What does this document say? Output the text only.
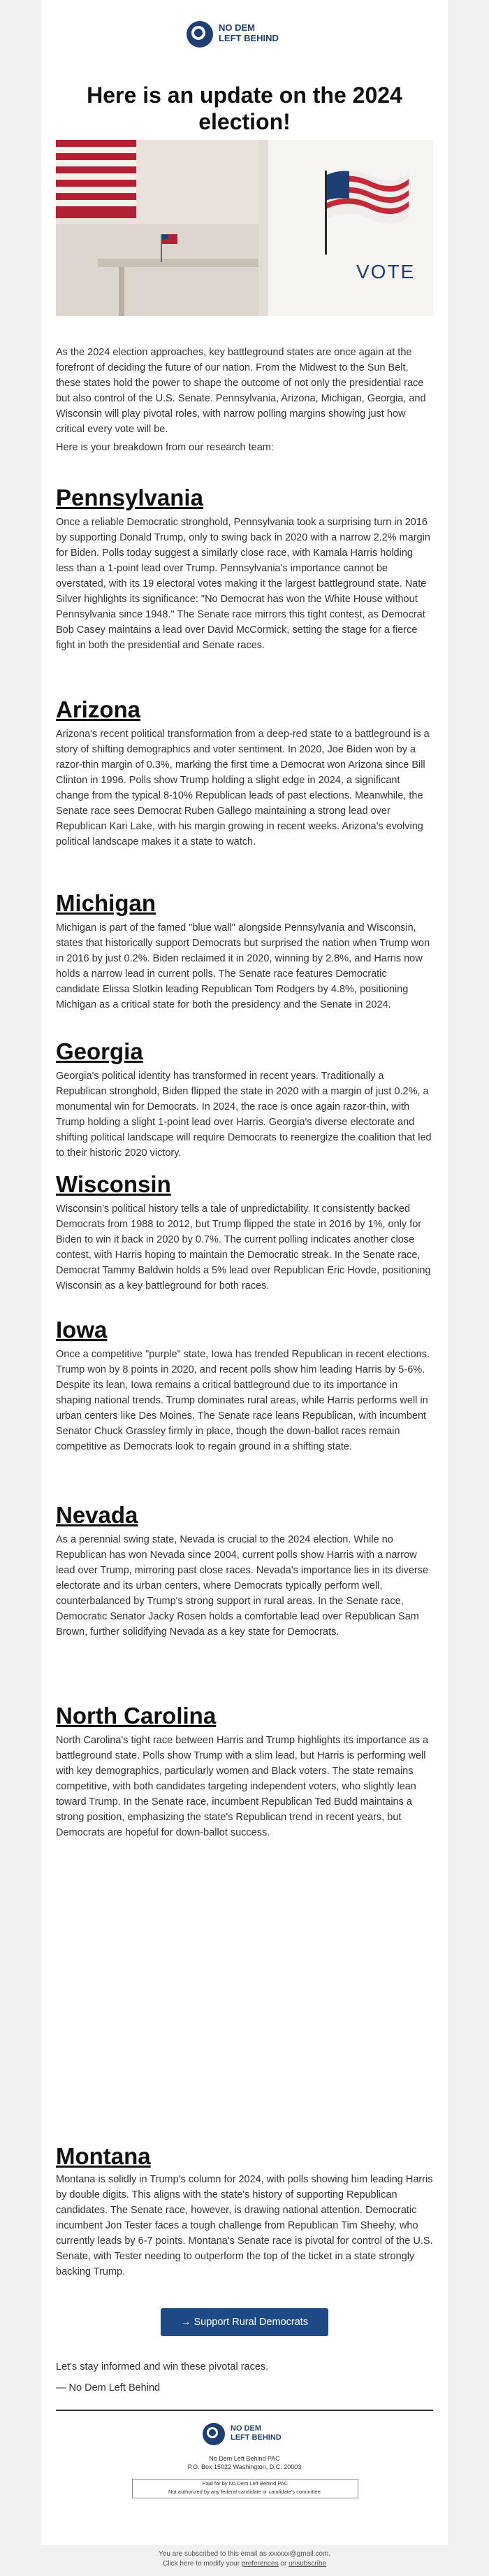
NO DEM
LEFT BEHIND
Here is an update on the 2024 election!
VOTE

As the 2024 election approaches, key battleground states are once again at the forefront of deciding the future of our nation. From the Midwest to the Sun Belt, these states hold the power to shape the outcome of not only the presidential race but also control of the U.S. Senate. Pennsylvania, Arizona, Michigan, Georgia, and Wisconsin will play pivotal roles, with narrow polling margins showing just how critical every vote will be.

Here is your breakdown from our research team:

Pennsylvania

Once a reliable Democratic stronghold, Pennsylvania took a surprising turn in 2016 by supporting Donald Trump, only to swing back in 2020 with a narrow 2.2% margin for Biden. Polls today suggest a similarly close race, with Kamala Harris holding less than a 1-point lead over Trump. Pennsylvania's importance cannot be overstated, with its 19 electoral votes making it the largest battleground state. Nate Silver highlights its significance: "No Democrat has won the White House without Pennsylvania since 1948." The Senate race mirrors this tight contest, as Democrat Bob Casey maintains a lead over David McCormick, setting the stage for a fierce fight in both the presidential and Senate races.

Arizona

Arizona's recent political transformation from a deep-red state to a battleground is a story of shifting demographics and voter sentiment. In 2020, Joe Biden won by a razor-thin margin of 0.3%, marking the first time a Democrat won Arizona since Bill Clinton in 1996. Polls show Trump holding a slight edge in 2024, a significant change from the typical 8-10% Republican leads of past elections. Meanwhile, the Senate race sees Democrat Ruben Gallego maintaining a strong lead over Republican Kari Lake, with his margin growing in recent weeks. Arizona's evolving political landscape makes it a state to watch.

Michigan

Michigan is part of the famed "blue wall" alongside Pennsylvania and Wisconsin, states that historically support Democrats but surprised the nation when Trump won in 2016 by just 0.2%. Biden reclaimed it in 2020, winning by 2.8%, and Harris now holds a narrow lead in current polls. The Senate race features Democratic candidate Elissa Slotkin leading Republican Tom Rodgers by 4.8%, positioning Michigan as a critical state for both the presidency and the Senate in 2024.

Georgia

Georgia's political identity has transformed in recent years. Traditionally a Republican stronghold, Biden flipped the state in 2020 with a margin of just 0.2%, a monumental win for Democrats. In 2024, the race is once again razor-thin, with Trump holding a slight 1-point lead over Harris. Georgia's diverse electorate and shifting political landscape will require Democrats to reenergize the coalition that led to their historic 2020 victory.

Wisconsin

Wisconsin's political history tells a tale of unpredictability. It consistently backed Democrats from 1988 to 2012, but Trump flipped the state in 2016 by 1%, only for Biden to win it back in 2020 by 0.7%. The current polling indicates another close contest, with Harris hoping to maintain the Democratic streak. In the Senate race, Democrat Tammy Baldwin holds a 5% lead over Republican Eric Hovde, positioning Wisconsin as a key battleground for both races.

Iowa

Once a competitive "purple" state, Iowa has trended Republican in recent elections. Trump won by 8 points in 2020, and recent polls show him leading Harris by 5-6%. Despite its lean, Iowa remains a critical battleground due to its importance in shaping national trends. Trump dominates rural areas, while Harris performs well in urban centers like Des Moines. The Senate race leans Republican, with incumbent Senator Chuck Grassley firmly in place, though the down-ballot races remain competitive as Democrats look to regain ground in a shifting state.

Nevada

As a perennial swing state, Nevada is crucial to the 2024 election. While no Republican has won Nevada since 2004, current polls show Harris with a narrow lead over Trump, mirroring past close races. Nevada's importance lies in its diverse electorate and its urban centers, where Democrats typically perform well, counterbalanced by Trump's strong support in rural areas. In the Senate race, Democratic Senator Jacky Rosen holds a comfortable lead over Republican Sam Brown, further solidifying Nevada as a key state for Democrats.

North Carolina

North Carolina's tight race between Harris and Trump highlights its importance as a battleground state. Polls show Trump with a slim lead, but Harris is performing well with key demographics, particularly women and Black voters. The state remains competitive, with both candidates targeting independent voters, who slightly lean toward Trump. In the Senate race, incumbent Republican Ted Budd maintains a strong position, emphasizing the state's Republican trend in recent years, but Democrats are hopeful for down-ballot success.

Montana

Montana is solidly in Trump's column for 2024, with polls showing him leading Harris by double digits. This aligns with the state's history of supporting Republican candidates. The Senate race, however, is drawing national attention. Democratic incumbent Jon Tester faces a tough challenge from Republican Tim Sheehy, who currently leads by 6-7 points. Montana's Senate race is pivotal for control of the U.S. Senate, with Tester needing to outperform the top of the ticket in a state strongly backing Trump.

→ Support Rural Democrats

Let's stay informed and win these pivotal races.

— No Dem Left Behind

NO DEM
LEFT BEHIND
No Dem Left Behind PAC
P.O. Box 15022 Washington, D.C. 20003
Paid for by No Dem Left Behind PAC
Not authorized by any federal candidate or candidate's committee.
You are subscribed to this email as xxxxxx@gmail.com.
Click here to modify your preferences or unsubscribe
